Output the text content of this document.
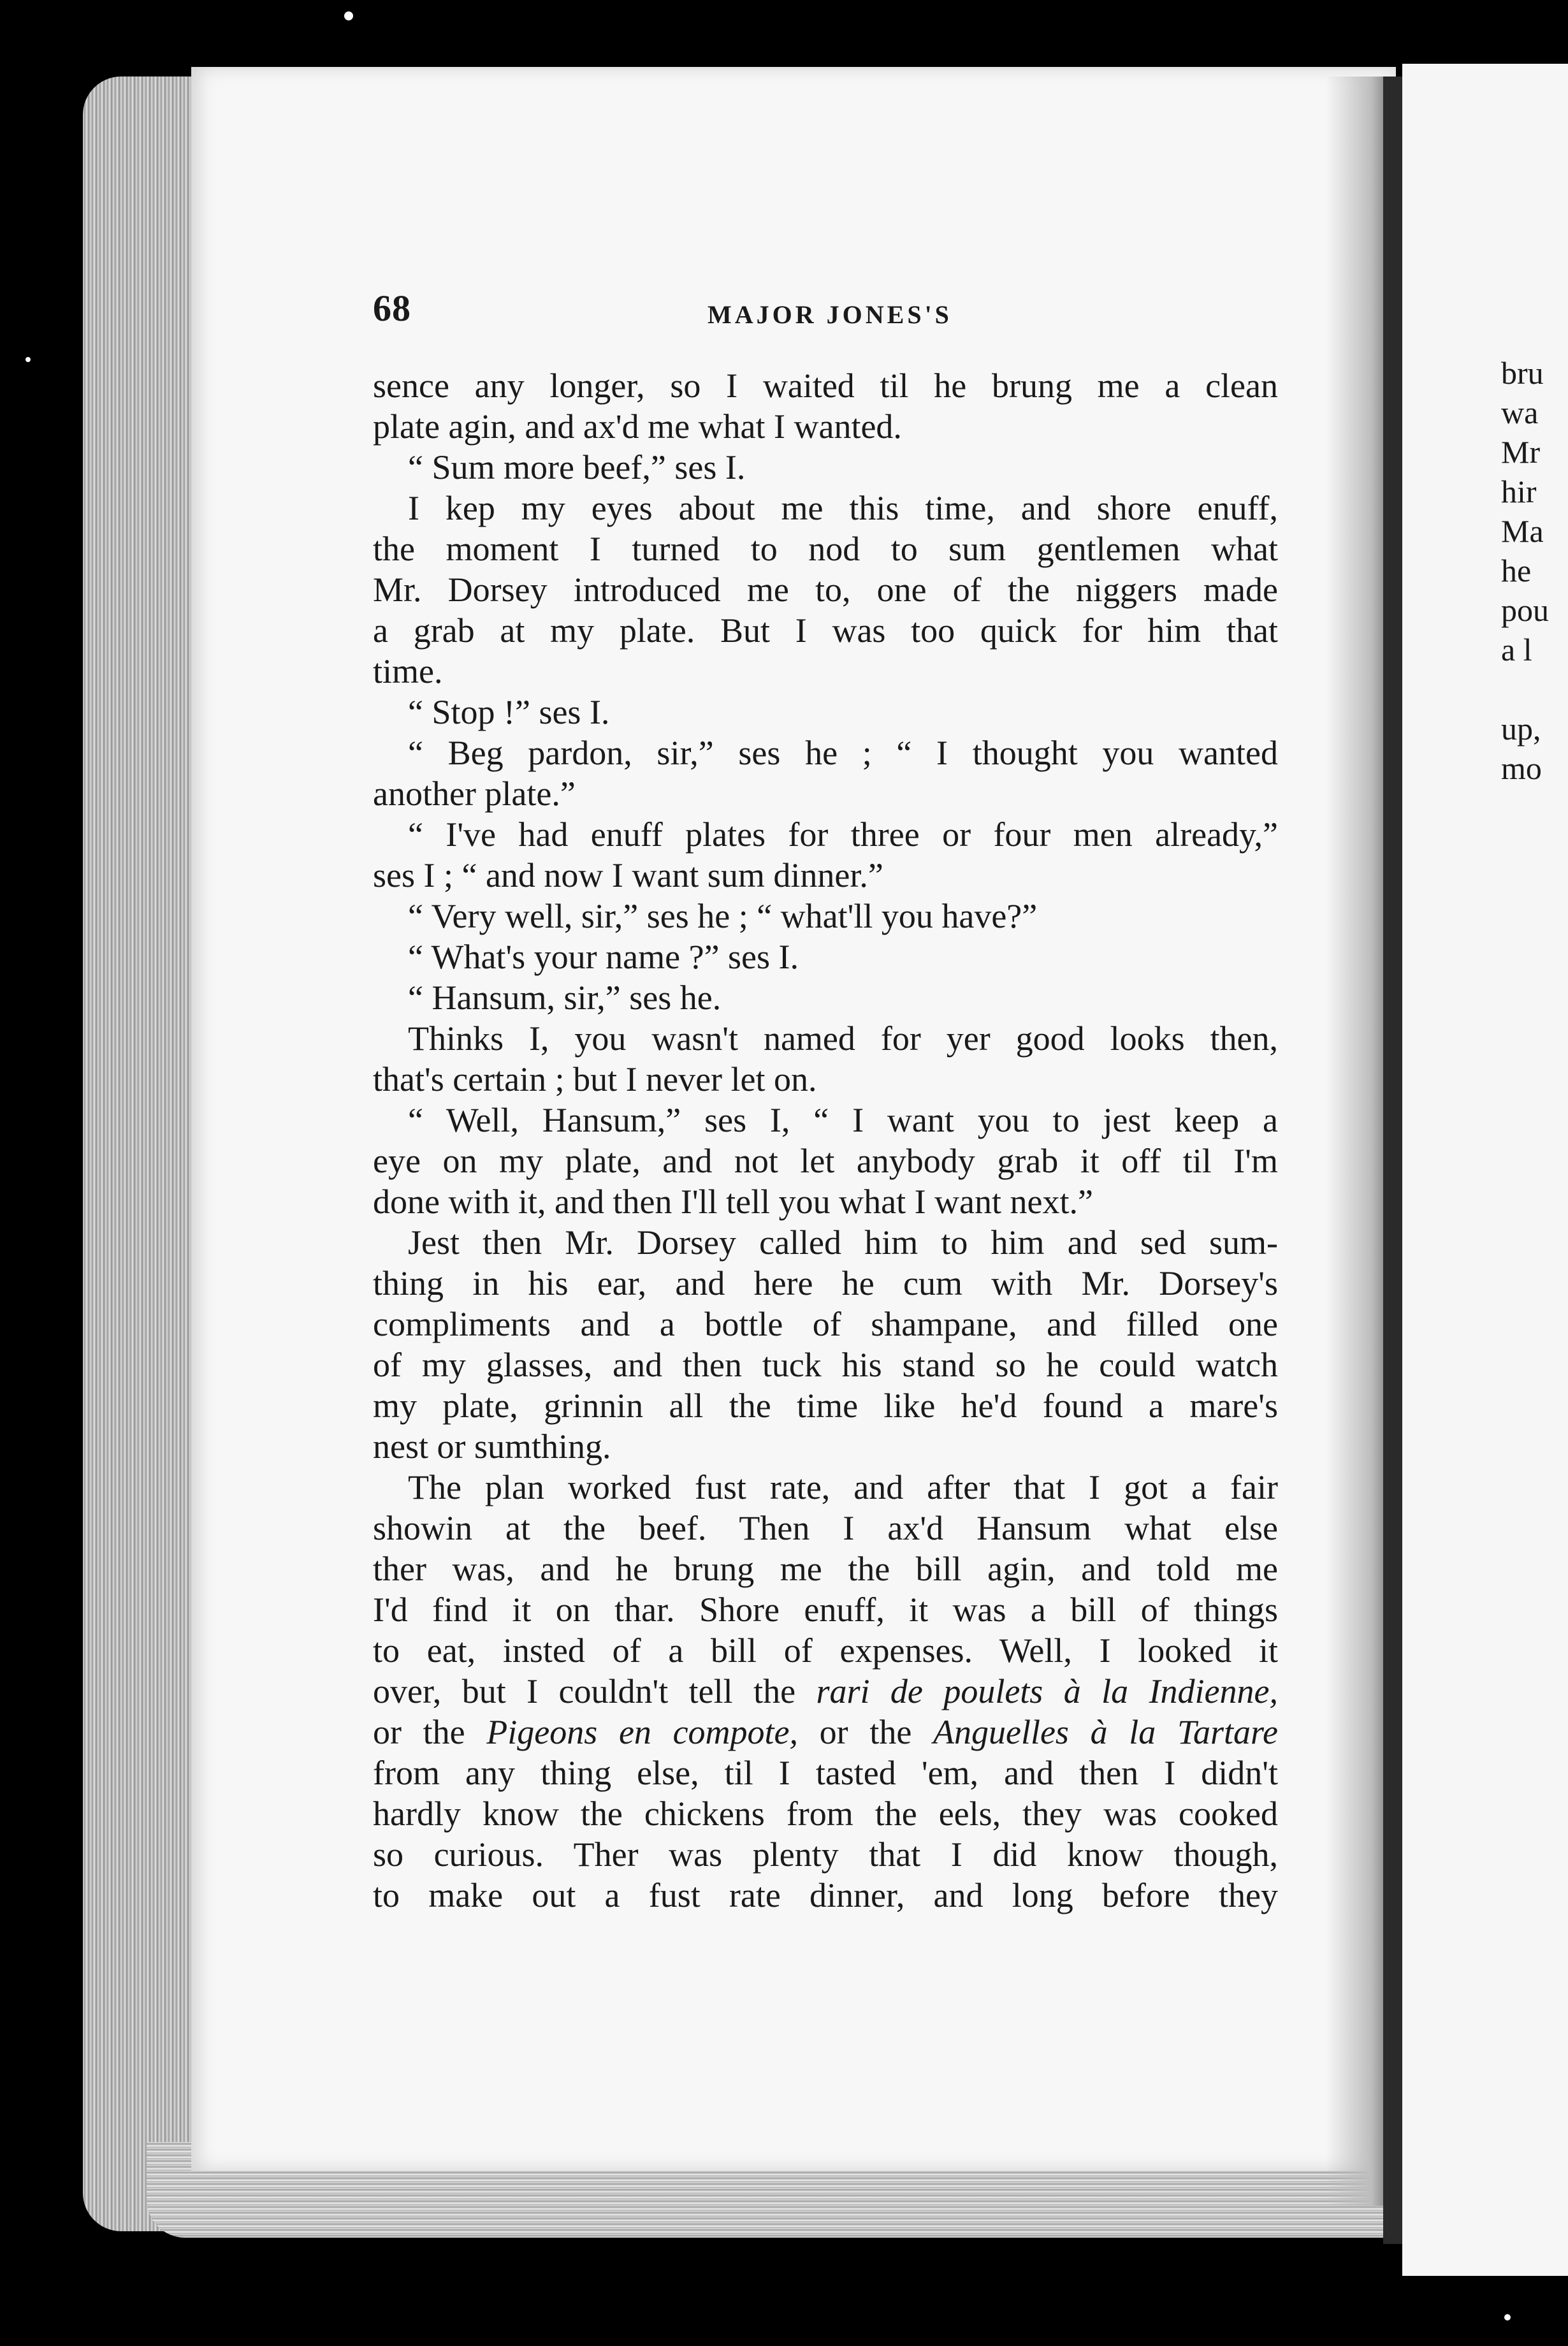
bru
wa
Mr
hir
Ma
he
pou
a l
up,
mo
68	MAJOR JONES'S
sence any longer, so I waited til he brung me a clean
plate agin, and ax'd me what I wanted.
“ Sum more beef,” ses I.
I kep my eyes about me this time, and shore enuff,
the moment I turned to nod to sum gentlemen what
Mr. Dorsey introduced me to, one of the niggers made
a grab at my plate. But I was too quick for him that
time.
“ Stop !” ses I.
“ Beg pardon, sir,” ses he ; “ I thought you wanted
another plate.”
“ I've had enuff plates for three or four men already,”
ses I ; “ and now I want sum dinner.”
“ Very well, sir,” ses he ; “ what'll you have?”
“ What's your name ?” ses I.
“ Hansum, sir,” ses he.
Thinks I, you wasn't named for yer good looks then,
that's certain ; but I never let on.
“ Well, Hansum,” ses I, “ I want you to jest keep a
eye on my plate, and not let anybody grab it off til I'm
done with it, and then I'll tell you what I want next.”
Jest then Mr. Dorsey called him to him and sed sum-
thing in his ear, and here he cum with Mr. Dorsey's
compliments and a bottle of shampane, and filled one
of my glasses, and then tuck his stand so he could watch
my plate, grinnin all the time like he'd found a mare's
nest or sumthing.
The plan worked fust rate, and after that I got a fair
showin at the beef. Then I ax'd Hansum what else
ther was, and he brung me the bill agin, and told me
I'd find it on thar. Shore enuff, it was a bill of things
to eat, insted of a bill of expenses. Well, I looked it
over, but I couldn't tell the rari de poulets à la Indienne,
or the Pigeons en compote, or the Anguelles à la Tartare
from any thing else, til I tasted 'em, and then I didn't
hardly know the chickens from the eels, they was cooked
so curious. Ther was plenty that I did know though,
to make out a fust rate dinner, and long before they
